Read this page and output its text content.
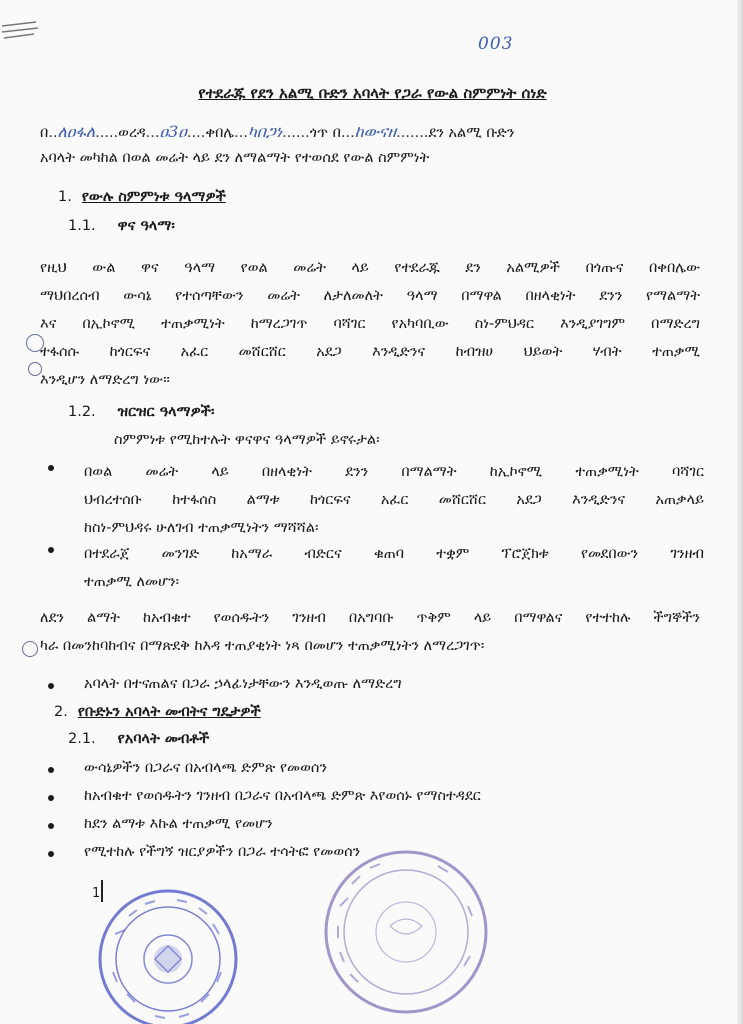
003
የተደራጁ የደን አልሚ ቡድን አባላት የጋራ የውል ስምምነት ሰነድ
በ..ለዐፋለ.....ወረዳ...ዐ3ዐ....ቀበሌ...ካበጋነ......ጎጥ በ...ከውናዘ.......ደን አልሚ ቡድን
አባላት መካከል በወል መሬት ላይ ደን ለማልማት የተወሰደ የውል ስምምነት
1. የውሉ ስምምነቱ ዓላማዎች
1.1. ዋና ዓላማ፡
የዚህ ውል ዋና ዓላማ የወል መሬት ላይ የተደራጁ ደን አልሚዎች በጎጡና በቀበሌው
ማህበረሰብ ውሳኔ የተሰጣቸውን መሬት ለታለመለት ዓላማ በማዋል በዘላቂነት ደንን የማልማት
እና በኢኮኖሚ ተጠቃሚነት ከማረጋገጥ ባሻገር የአካባቢው ስነ-ምህዳር እንዲያገግም በማድረግ
ተፋሰሱ ከጎርፍና አፈር መሸርሸር አደጋ እንዲድንና ከብዝሀ ህይወት ሃብት ተጠቃሚ
እንዲሆን ለማድረግ ነው፡፡
1.2. ዝርዝር ዓላማዎች፡
ስምምነቱ የሚከተሉት ዋናዋና ዓላማዎች ይኖሩታል፡
በወል መሬት ላይ በዘላቂነት ደንን በማልማት ከኢኮኖሚ ተጠቃሚነት ባሻገር
ህብረተሰቡ ከተፋሰስ ልማቱ ከጎርፍና አፈር መሸርሸር አደጋ እንዲድንና አጠቃላይ
ከስነ-ምህዳሩ ሁለገብ ተጠቃሚነትን ማሻሻል፡
በተደራጀ መንገድ ከአማራ ብድርና ቁጠባ ተቋም ፕሮጀክቱ የመደበውን ገንዘብ
ተጠቃሚ ለመሆን፡
ለደን ልማት ከአብቁተ የወሰዱትን ገንዘብ በአግባቡ ጥቅም ላይ በማዋልና የተተከሉ ችግኞችን
ካራ በመንከባከብና በማጽደቅ ከእዳ ተጠያቂነት ነጻ በመሆን ተጠቃሚነትን ለማረጋገጥ፡
አባላት በተናጠልና በጋራ ኃላፊነታቸውን እንዲወጡ ለማድረግ
2. የቡድኑን አባላት መብትና ግዴታዎች
2.1. የአባላት መብቶች
ውሳኔዎችን በጋራና በአብላጫ ድምጽ የመወሰን
ከአብቁተ የወሰዱትን ገንዘብ በጋራና በአብላጫ ድምጽ እየወሰኑ የማስተዳደር
ከደን ልማቱ እኩል ተጠቃሚ የመሆን
የሚተከሉ የችግኝ ዝርያዎችን በጋራ ተሳትፎ የመወሰን
1
